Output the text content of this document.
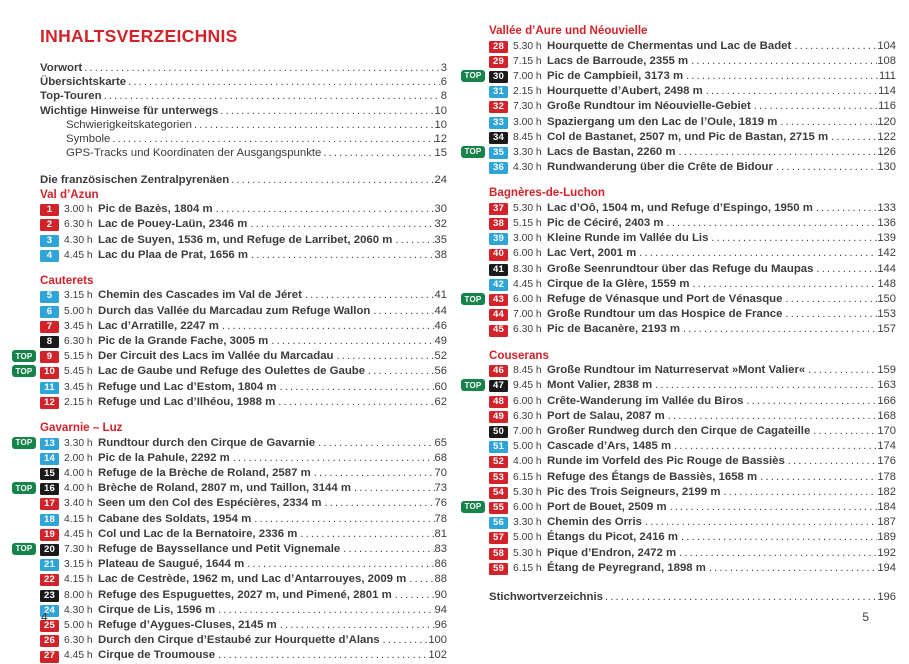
INHALTSVERZEICHNIS
Vorwort .....	3
Übersichtskarte .....	6
Top-Touren .....	8
Wichtige Hinweise für unterwegs .....	10
Schwierigkeitskategorien .....	10
Symbole .....	12
GPS-Tracks und Koordinaten der Ausgangspunkte .....	15
Die französischen Zentralpyrenäen .....	24
Val d’Azun
1	3.00 h Pic de Bazès, 1804 m .....	30
2	6.30 h Lac de Pouey-Laün, 2346 m .....	32
3	4.30 h Lac de Suyen, 1536 m, und Refuge de Larribet, 2060 m .....	35
4	4.45 h Lac du Plaa de Prat, 1656 m .....	38
Cauterets
5	3.15 h Chemin des Cascades im Val de Jéret .....	41
6	5.00 h Durch das Vallée du Marcadau zum Refuge Wallon .....	44
7	3.45 h Lac d’Arratille, 2247 m .....	46
8	6.30 h Pic de la Grande Fache, 3005 m .....	49
TOP	9	5.15 h Der Circuit des Lacs im Vallée du Marcadau .....	52
TOP	10 5.45 h Lac de Gaube und Refuge des Oulettes de Gaube .....	56
11 3.45 h Refuge und Lac d’Estom, 1804 m .....	60
12 2.15 h Refuge und Lac d’Ilhéou, 1988 m .....	62
Gavarnie – Luz
TOP	13 3.30 h Rundtour durch den Cirque de Gavarnie .....	65
14 2.00 h Pic de la Pahule, 2292 m .....	68
15 4.00 h Refuge de la Brèche de Roland, 2587 m .....	70
TOP	16 4.00 h Brèche de Roland, 2807 m, und Taillon, 3144 m .....	73
17 3.40 h Seen um den Col des Espécières, 2334 m .....	76
18 4.15 h Cabane des Soldats, 1954 m .....	78
19 4.45 h Col und Lac de la Bernatoire, 2336 m .....	81
TOP	20 7.30 h Refuge de Bayssellance und Petit Vignemale .....	83
21 3.15 h Plateau de Saugué, 1644 m .....	86
22 4.15 h Lac de Cestrède, 1962 m, und Lac d’Antarrouyes, 2009 m .....	88
23 8.00 h Refuge des Espuguettes, 2027 m, und Pimené, 2801 m .....	90
24 4.30 h Cirque de Lis, 1596 m .....	94
25 5.00 h Refuge d’Aygues-Cluses, 2145 m .....	96
26 6.30 h Durch den Cirque d’Estaubé zur Hourquette d’Alans .....	100
27 4.45 h Cirque de Troumouse .....	102
Vallée d’Aure und Néouvielle
28 5.30 h Hourquette de Chermentas und Lac de Badet .....	104
29 7.15 h Lacs de Barroude, 2355 m .....	108
TOP	30 7.00 h Pic de Campbieil, 3173 m .....	111
31 2.15 h Hourquette d’Aubert, 2498 m .....	114
32 7.30 h Große Rundtour im Néouvielle-Gebiet .....	116
33 3.00 h Spaziergang um den Lac de l’Oule, 1819 m .....	120
34 8.45 h Col de Bastanet, 2507 m, und Pic de Bastan, 2715 m .....	122
TOP	35 3.30 h Lacs de Bastan, 2260 m .....	126
36 4.30 h Rundwanderung über die Crête de Bidour .....	130
Bagnères-de-Luchon
37 5.30 h Lac d’Oô, 1504 m, und Refuge d’Espingo, 1950 m .....	133
38 5.15 h Pic de Céciré, 2403 m .....	136
39 3.00 h Kleine Runde im Vallée du Lis .....	139
40 6.00 h Lac Vert, 2001 m .....	142
41 8.30 h Große Seenrundtour über das Refuge du Maupas .....	144
42 4.45 h Cirque de la Glère, 1559 m .....	148
TOP	43 6.00 h Refuge de Vénasque und Port de Vénasque .....	150
44 7.00 h Große Rundtour um das Hospice de France .....	153
45 6.30 h Pic de Bacanère, 2193 m .....	157
Couserans
46 8.45 h Große Rundtour im Naturreservat »Mont Valier« .....	159
TOP	47 9.45 h Mont Valier, 2838 m .....	163
48 6.00 h Crête-Wanderung im Vallée du Biros .....	166
49 6.30 h Port de Salau, 2087 m .....	168
50 7.00 h Großer Rundweg durch den Cirque de Cagateille .....	170
51 5.00 h Cascade d’Ars, 1485 m .....	174
52 4.00 h Runde im Vorfeld des Pic Rouge de Bassiès .....	176
53 6.15 h Refuge des Étangs de Bassiès, 1658 m .....	178
54 5.30 h Pic des Trois Seigneurs, 2199 m .....	182
TOP	55 6.00 h Port de Bouet, 2509 m .....	184
56 3.30 h Chemin des Orris .....	187
57 5.00 h Étangs du Picot, 2416 m .....	189
58 5.30 h Pique d’Endron, 2472 m .....	192
59 6.15 h Étang de Peyregrand, 1898 m .....	194
Stichwortverzeichnis .....	196
4	5
